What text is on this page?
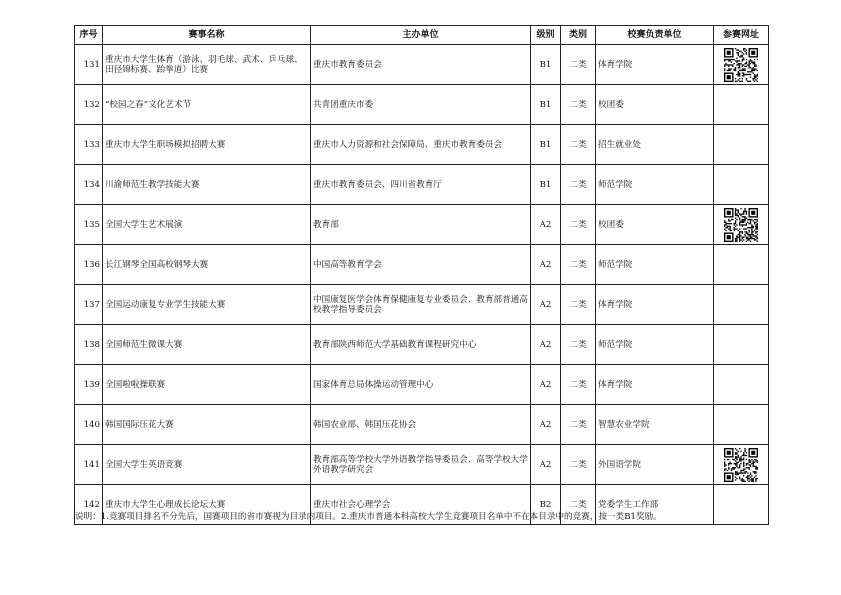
序号	赛事名称	主办单位	级别	类别	校赛负责单位	参赛网址
131	重庆市大学生体育（游泳、羽毛球、武术、乒乓球、田径锦标赛、跆拳道）比赛	重庆市教育委员会	B1	二类	体育学院	
132	“校园之春”文化艺术节	共青团重庆市委	B1	二类	校团委	
133	重庆市大学生职场模拟招聘大赛	重庆市人力资源和社会保障局、重庆市教育委员会	B1	二类	招生就业处	
134	川渝师范生教学技能大赛	重庆市教育委员会、四川省教育厅	B1	二类	师范学院	
135	全国大学生艺术展演	教育部	A2	二类	校团委	
136	长江钢琴全国高校钢琴大赛	中国高等教育学会	A2	二类	师范学院	
137	全国运动康复专业学生技能大赛	中国康复医学会体育保健康复专业委员会、教育部普通高校教学指导委员会	A2	二类	体育学院	
138	全国师范生微课大赛	教育部陕西师范大学基础教育课程研究中心	A2	二类	师范学院	
139	全国啦啦操联赛	国家体育总局体操运动管理中心	A2	二类	体育学院	
140	韩国国际压花大赛	韩国农业部、韩国压花协会	A2	二类	智慧农业学院	
141	全国大学生英语竞赛	教育部高等学校大学外语教学指导委员会、高等学校大学外语教学研究会	A2	二类	外国语学院	
142	重庆市大学生心理成长论坛大赛	重庆市社会心理学会	B2	二类	党委学生工作部	
说明：1.竞赛项目排名不分先后，国赛项目的省市赛视为目录内项目。2.重庆市普通本科高校大学生竞赛项目名单中不在本目录中的竞赛，按一类B1奖励。
